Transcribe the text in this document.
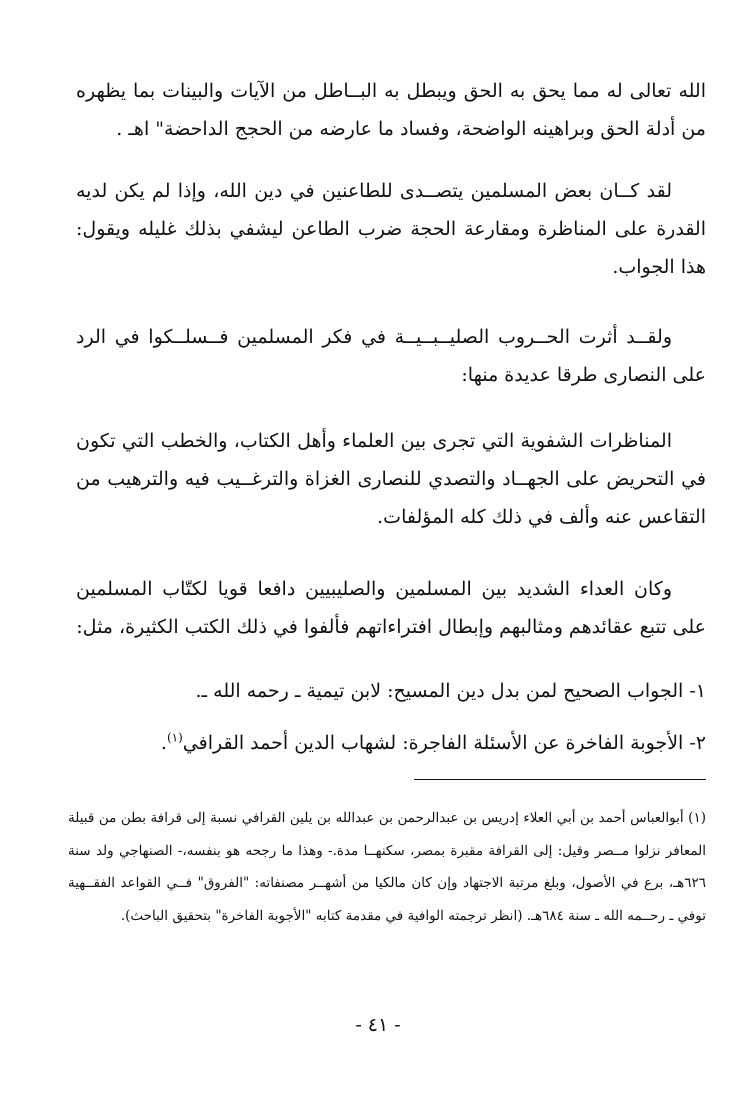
الله تعالى له مما يحق به الحق ويبطل به البــاطل من الآيات والبينات بما يظهره من أدلة الحق وبراهينه الواضحة، وفساد ما عارضه من الحجج الداحضة" اهـ .

لقد كــان بعض المسلمين يتصــدى للطاعنين في دين الله، وإذا لم يكن لديه القدرة على المناظرة ومقارعة الحجة ضرب الطاعن ليشفي بذلك غليله ويقول: هذا الجواب.

ولقــد أثرت الحــروب الصليــبــيــة في فكر المسلمين فــسلــكوا في الرد على النصارى طرقا عديدة منها:

المناظرات الشفوية التي تجرى بين العلماء وأهل الكتاب، والخطب التي تكون في التحريض على الجهــاد والتصدي للنصارى الغزاة والترغــيب فيه والترهيب من التقاعس عنه وألف في ذلك كله المؤلفات.

وكان العداء الشديد بين المسلمين والصليبيين دافعا قويا لكتّاب المسلمين على تتبع عقائدهم ومثالبهم وإبطال افتراءاتهم فألفوا في ذلك الكتب الكثيرة، مثل:

١- الجواب الصحيح لمن بدل دين المسيح: لابن تيمية ـ رحمه الله ـ.

٢- الأجوبة الفاخرة عن الأسئلة الفاجرة: لشهاب الدين أحمد القرافي$^{(١)}$.

(١) أبوالعباس أحمد بن أبي العلاء إدريس بن عبدالرحمن بن عبدالله بن يلين القرافي نسبة إلى قرافة بطن من قبيلة المعافر نزلوا مــصر وقيل: إلى القرافة مقبرة بمصر، سكنهــا مدة.- وهذا ما رجحه هو بنفسه،- الصنهاجي ولد سنة ٦٢٦هـ، برع في الأصول، وبلغ مرتبة الاجتهاد وإن كان مالكيا من أشهــر مصنفاته: "الفروق" فــي القواعد الفقــهية توفي ـ رحــمه الله ـ سنة ٦٨٤هـ. (انظر ترجمته الوافية في مقدمة كتابه "الأجوبة الفاخرة" بتحقيق الباحث).

- ٤١ -
